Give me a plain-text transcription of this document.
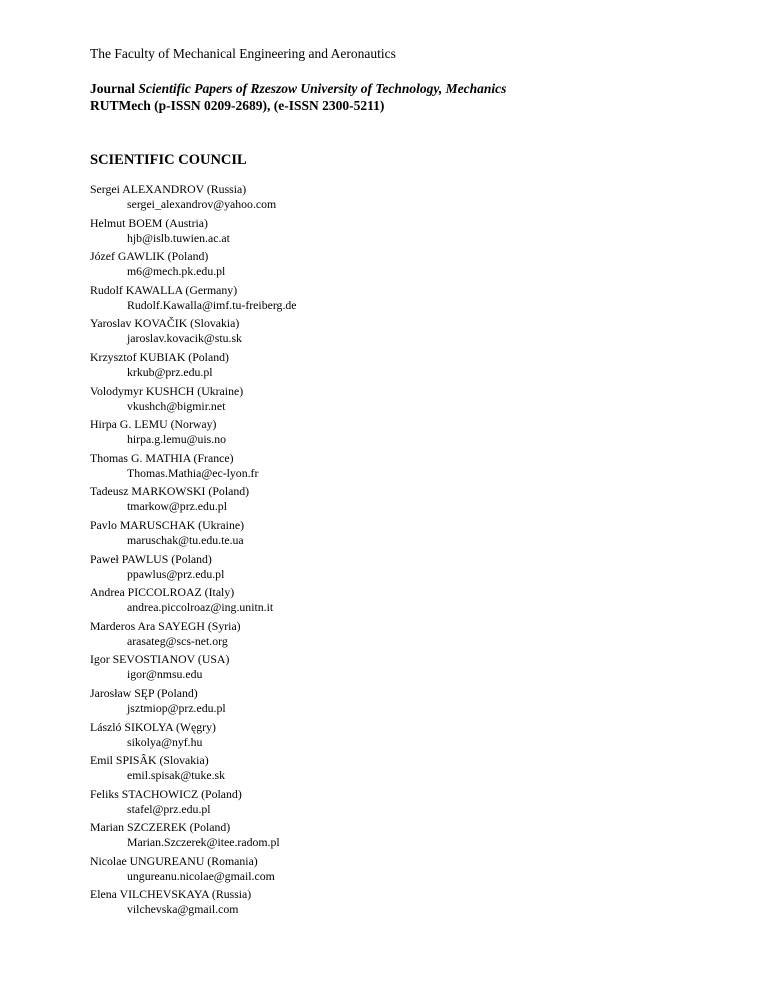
The Faculty of Mechanical Engineering and Aeronautics
Journal Scientific Papers of Rzeszow University of Technology, Mechanics
RUTMech (p-ISSN 0209-2689), (e-ISSN 2300-5211)
SCIENTIFIC COUNCIL
Sergei ALEXANDROV (Russia)
sergei_alexandrov@yahoo.com
Helmut BOEM (Austria)
hjb@islb.tuwien.ac.at
Józef GAWLIK (Poland)
m6@mech.pk.edu.pl
Rudolf KAWALLA (Germany)
Rudolf.Kawalla@imf.tu-freiberg.de
Yaroslav KOVAČIK (Slovakia)
jaroslav.kovacik@stu.sk
Krzysztof KUBIAK (Poland)
krkub@prz.edu.pl
Volodymyr KUSHCH (Ukraine)
vkushch@bigmir.net
Hirpa G. LEMU (Norway)
hirpa.g.lemu@uis.no
Thomas G. MATHIA (France)
Thomas.Mathia@ec-lyon.fr
Tadeusz MARKOWSKI (Poland)
tmarkow@prz.edu.pl
Pavlo MARUSCHAK (Ukraine)
maruschak@tu.edu.te.ua
Paweł PAWLUS (Poland)
ppawlus@prz.edu.pl
Andrea PICCOLROAZ (Italy)
andrea.piccolroaz@ing.unitn.it
Marderos Ara SAYEGH (Syria)
arasateg@scs-net.org
Igor SEVOSTIANOV (USA)
igor@nmsu.edu
Jarosław SĘP (Poland)
jsztmiop@prz.edu.pl
László SIKOLYA (Węgry)
sikolya@nyf.hu
Emil SPISÂK (Slovakia)
emil.spisak@tuke.sk
Feliks STACHOWICZ (Poland)
stafel@prz.edu.pl
Marian SZCZEREK (Poland)
Marian.Szczerek@itee.radom.pl
Nicolae UNGUREANU (Romania)
ungureanu.nicolae@gmail.com
Elena VILCHEVSKAYA (Russia)
vilchevska@gmail.com
